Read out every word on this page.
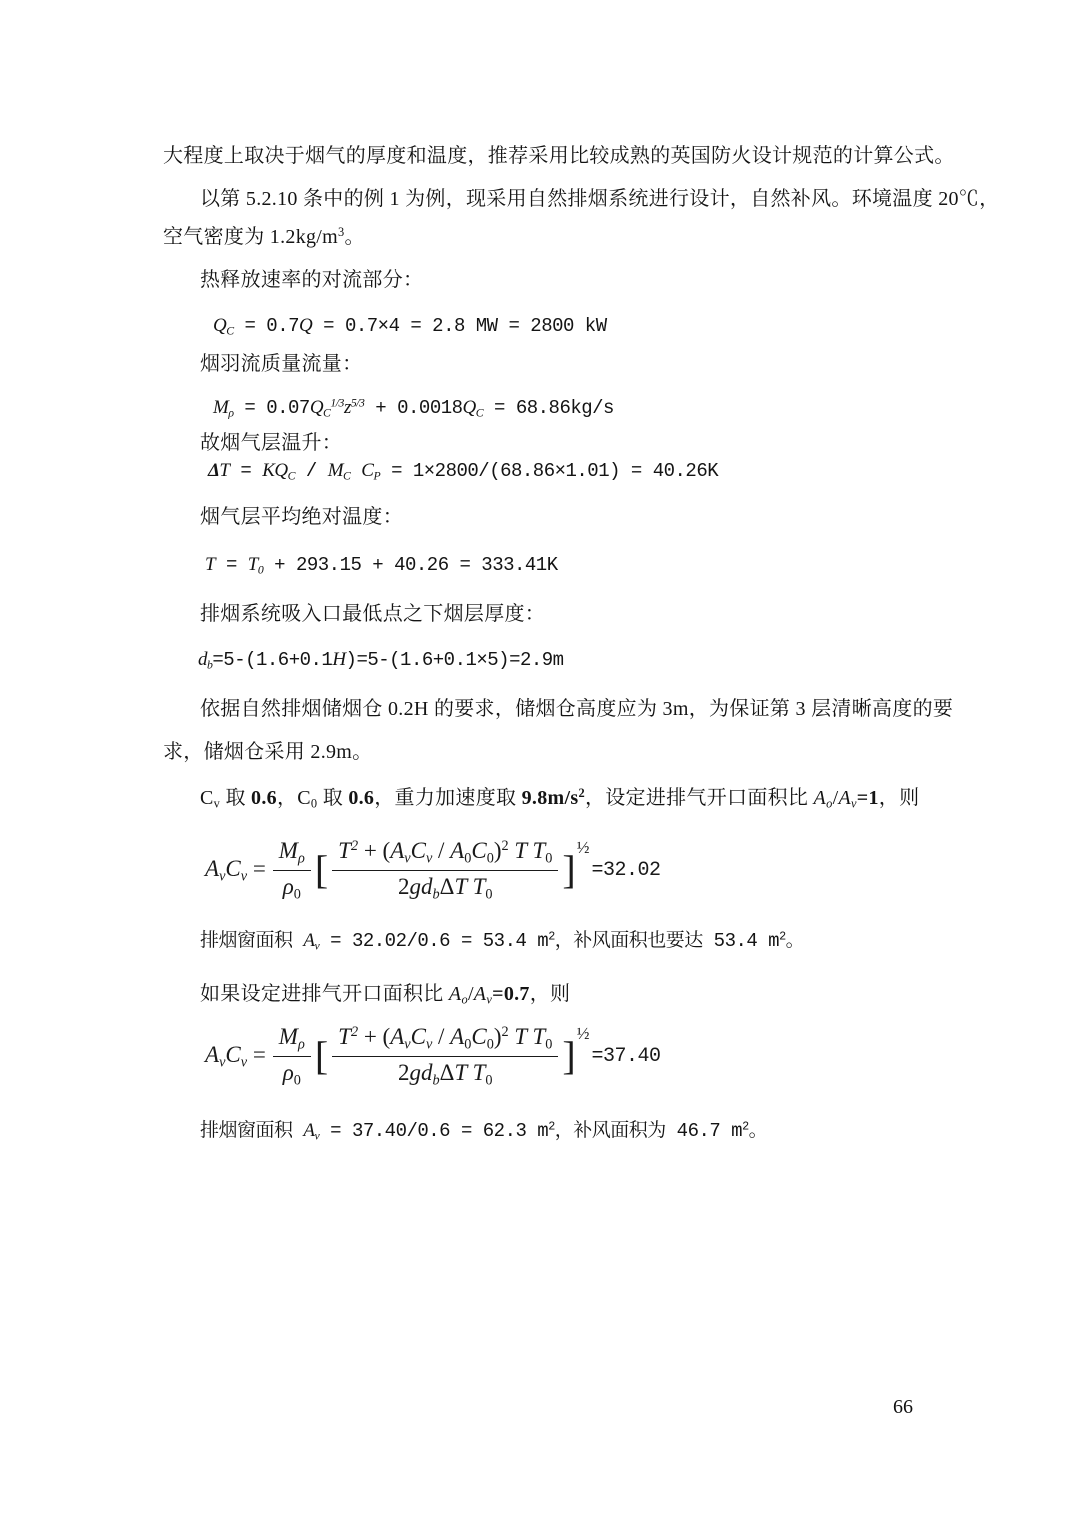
大程度上取决于烟气的厚度和温度，推荐采用比较成熟的英国防火设计规范的计算公式。
以第 5.2.10 条中的例 1 为例，现采用自然排烟系统进行设计，自然补风。环境温度 20℃，
空气密度为 $1.2kg/m^3$。
热释放速率的对流部分：
QC = 0.7Q = 0.7×4 = 2.8 MW = 2800 kW
烟羽流质量流量：
$M\rho = 0.07QC^{1/3}z^{5/3} + 0.0018QC = 68.86kg/s$
故烟气层温升：
ΔT = KQC / MC CP = 1×2800/(68.86×1.01) = 40.26K
烟气层平均绝对温度：
T = T0 + 293.15 + 40.26 = 333.41K
排烟系统吸入口最低点之下烟层厚度：
db=5-(1.6+0.1H)=5-(1.6+0.1×5)=2.9m
依据自然排烟储烟仓 0.2H 的要求，储烟仓高度应为 3m，为保证第 3 层清晰高度的要
求，储烟仓采用 2.9m。
Cv 取 0.6，C0 取 0.6，重力加速度取 $9.8m/s^2$，设定进排气开口面积比 Ao/Av=1，则
AvCv = $\frac{M\rho}{\rho 0}$ [ $\frac{T^2 + (AvCv / A0C0)^2 T T0}{\text{2gdbΔT T0}}$ ] ½
=32.02
排烟窗面积 Av = 32.02/0.6 = 53.4 $m^2$，补风面积也要达 53.4 $m^2$。
如果设定进排气开口面积比 Ao/Av=0.7，则
AvCv = $\frac{M\rho}{\rho 0}$ [ $\frac{T^2 + (AvCv / A0C0)^2 T T0}{\text{2gdbΔT T0}}$ ] ½
=37.40
排烟窗面积 Av = 37.40/0.6 = 62.3 $m^2$，补风面积为 46.7 $m^2$。
66
